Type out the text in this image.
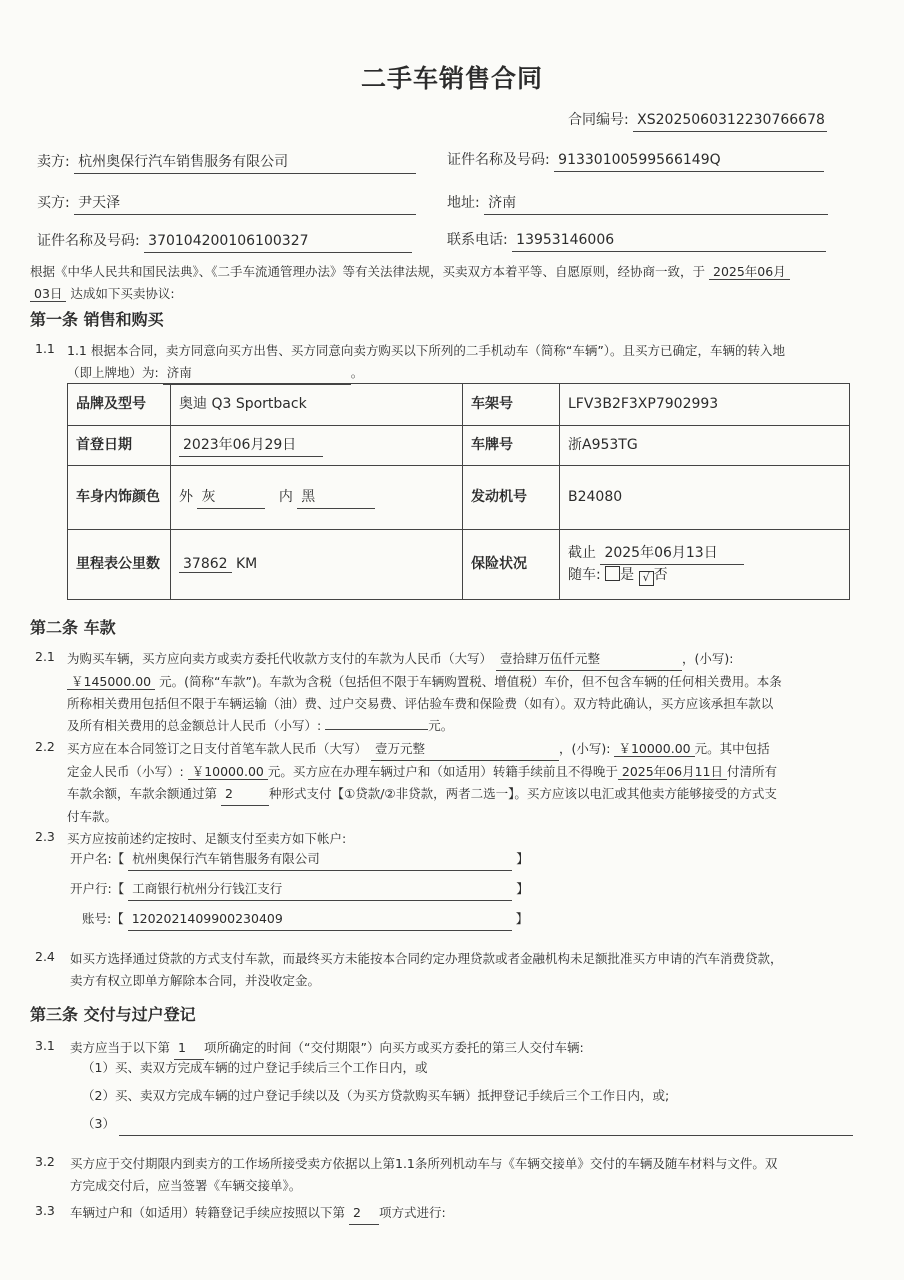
二手车销售合同
合同编号: XS2025060312230766678
卖方: 杭州奥保行汽车销售服务有限公司	证件名称及号码: 91330100599566149Q
买方: 尹天泽	地址: 济南
证件名称及号码: 370104200106100327	联系电话: 13953146006
根据《中华人民共和国民法典》、《二手车流通管理办法》等有关法律法规，买卖双方本着平等、自愿原则，经协商一致，于 2025年06月
03日 达成如下买卖协议:
第一条 销售和购买
1.1 1.1 根据本合同，卖方同意向买方出售、买方同意向卖方购买以下所列的二手机动车（简称“车辆”）。且买方已确定，车辆的转入地
（即上牌地）为: 济南	。
品牌及型号	奥迪 Q3 Sportback	车架号	LFV3B2F3XP7902993
首登日期	2023年06月29日	车牌号	浙A953TG
车身内饰颜色	外 灰 内 黑	发动机号	B24080
里程表公里数	37862 KM	保险状况	截止 2025年06月13日
随车: 是 √ 否
第二条 车款
2.1 为购买车辆，买方应向卖方或卖方委托代收款方支付的车款为人民币（大写） 壹拾肆万伍仟元整	，(小写):
￥145000.00 元。(简称“车款”)。车款为含税（包括但不限于车辆购置税、增值税）车价，但不包含车辆的任何相关费用。本条
所称相关费用包括但不限于车辆运输（油）费、过户交易费、评估验车费和保险费（如有）。双方特此确认，买方应该承担车款以
及所有相关费用的总金额总计人民币（小写）:	元。
2.2 买方应在本合同签订之日支付首笔车款人民币（大写） 壹万元整	，(小写): ￥10000.00 元。其中包括
定金人民币（小写）: ￥10000.00 元。买方应在办理车辆过户和（如适用）转籍手续前且不得晚于 2025年06月11日 付清所有
车款余额，车款余额通过第 2	种形式支付【①贷款/②非贷款，两者二选一】。买方应该以电汇或其他卖方能够接受的方式支
付车款。
2.3 买方应按前述约定按时、足额支付至卖方如下帐户:
开户名:【 杭州奥保行汽车销售服务有限公司	】
开户行:【 工商银行杭州分行钱江支行	】
账号:【 1202021409900230409	】
2.4 如买方选择通过贷款的方式支付车款，而最终买方未能按本合同约定办理贷款或者金融机构未足额批准买方申请的汽车消费贷款，
卖方有权立即单方解除本合同，并没收定金。
第三条 交付与过户登记
3.1 卖方应当于以下第 1 项所确定的时间（“交付期限”）向买方或买方委托的第三人交付车辆:
（1）买、卖双方完成车辆的过户登记手续后三个工作日内，或
（2）买、卖双方完成车辆的过户登记手续以及（为买方贷款购买车辆）抵押登记手续后三个工作日内，或;
（3）
3.2 买方应于交付期限内到卖方的工作场所接受卖方依据以上第1.1条所列机动车与《车辆交接单》交付的车辆及随车材料与文件。双
方完成交付后，应当签署《车辆交接单》。
3.3 车辆过户和（如适用）转籍登记手续应按照以下第 2 项方式进行:
